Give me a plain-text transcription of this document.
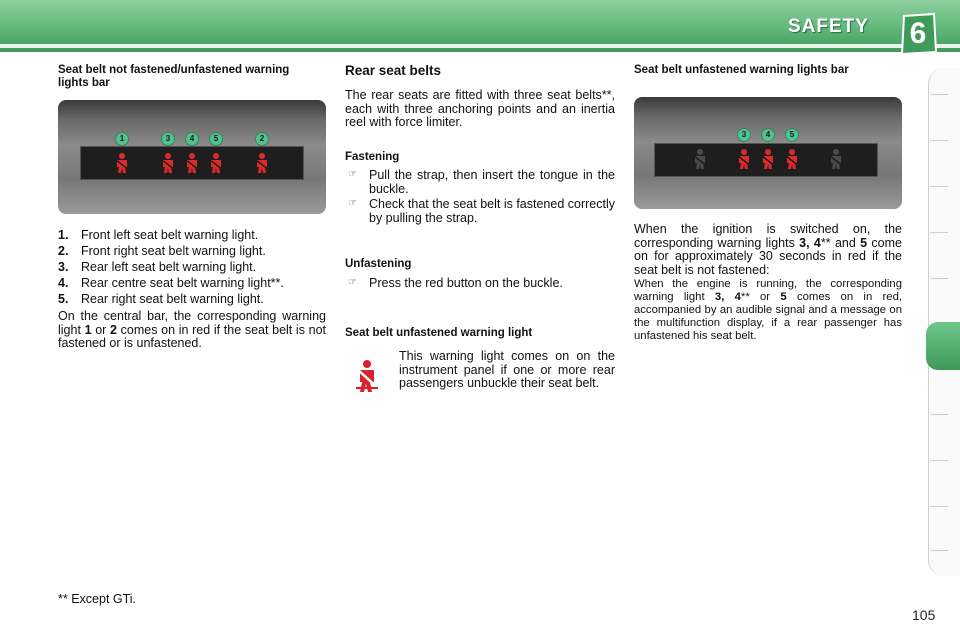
SAFETY	6
Seat belt not fastened/unfastened warning lights bar
1	3	4	5	2
1. Front left seat belt warning light.
2. Front right seat belt warning light.
3. Rear left seat belt warning light.
4. Rear centre seat belt warning light**.
5. Rear right seat belt warning light.

On the central bar, the corresponding warning light 1 or 2 comes on in red if the seat belt is not fastened or is unfastened.

Rear seat belts

The rear seats are fitted with three seat belts**, each with three anchoring points and an inertia reel with force limiter.

Fastening
☞ Pull the strap, then insert the tongue in the buckle.
☞ Check that the seat belt is fastened correctly by pulling the strap.
Unfastening
☞ Press the red button on the buckle.
Seat belt unfastened warning light

This warning light comes on on the instrument panel if one or more rear passengers unbuckle their seat belt.

Seat belt unfastened warning lights bar
3	4	5

When the ignition is switched on, the corresponding warning lights 3, 4** and 5 come on for approximately 30 seconds in red if the seat belt is not fastened:

When the engine is running, the corresponding warning light 3, 4** or 5 comes on in red, accompanied by an audible signal and a message on the multifunction display, if a rear passenger has unfastened his seat belt.

** Except GTi.
105
